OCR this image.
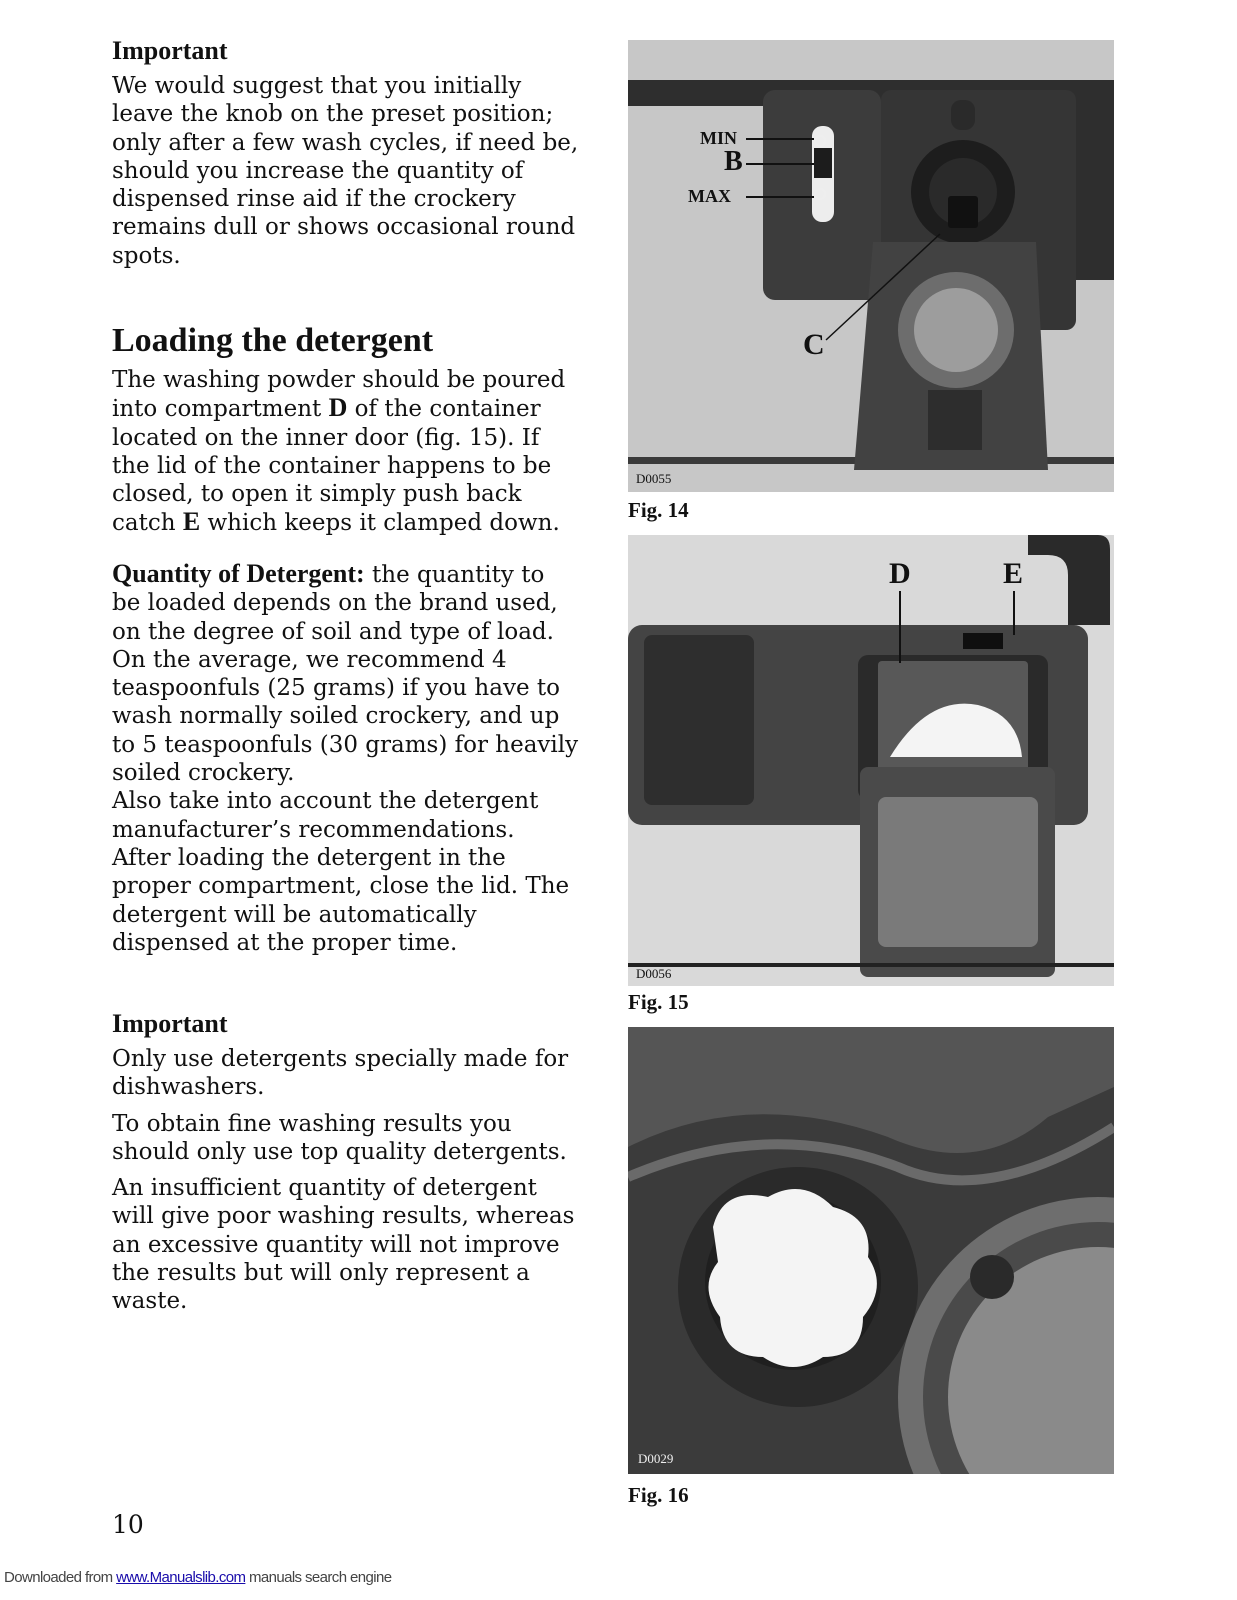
Important

We would suggest that you initially
leave the knob on the preset position;
only after a few wash cycles, if need be,
should you increase the quantity of
dispensed rinse aid if the crockery
remains dull or shows occasional round
spots.

Loading the detergent

The washing powder should be poured
into compartment D of the container
located on the inner door (fig. 15). If
the lid of the container happens to be
closed, to open it simply push back
catch E which keeps it clamped down.

Quantity of Detergent: the quantity to
be loaded depends on the brand used,
on the degree of soil and type of load.
On the average, we recommend 4
teaspoonfuls (25 grams) if you have to
wash normally soiled crockery, and up
to 5 teaspoonfuls (30 grams) for heavily
soiled crockery.
Also take into account the detergent
manufacturer’s recommendations.
After loading the detergent in the
proper compartment, close the lid. The
detergent will be automatically
dispensed at the proper time.

Important

Only use detergents specially made for
dishwashers.

To obtain fine washing results you
should only use top quality detergents.

An insufficient quantity of detergent
will give poor washing results, whereas
an excessive quantity will not improve
the results but will only represent a
waste.

D0055
MIN
B
MAX
C
Fig. 14
D0056
D	E
Fig. 15
D0029
Fig. 16
10
Downloaded from www.Manualslib.com manuals search engine
